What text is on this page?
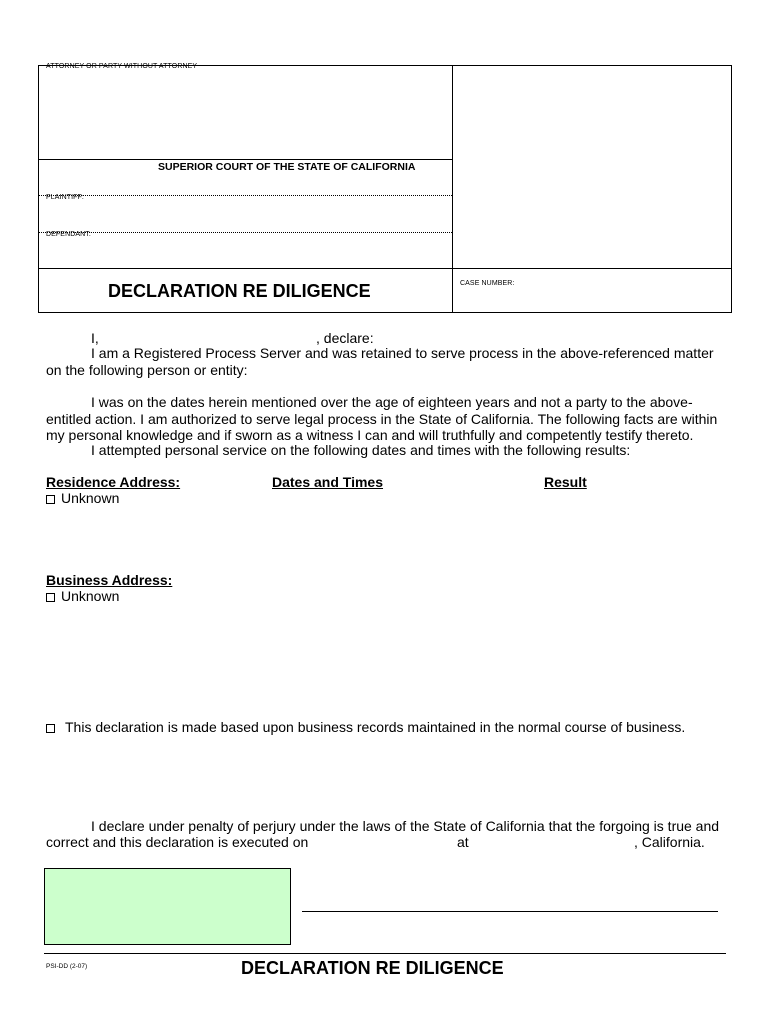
ATTORNEY OR PARTY WITHOUT ATTORNEY
SUPERIOR COURT OF THE STATE OF CALIFORNIA
PLAINTIFF:
DEFENDANT:
DECLARATION RE DILIGENCE	CASE NUMBER:
I,	, declare:
I am a Registered Process Server and was retained to serve process in the above-referenced matter on the following person or entity:
I was on the dates herein mentioned over the age of eighteen years and not a party to the above-entitled action. I am authorized to serve legal process in the State of California. The following facts are within my personal knowledge and if sworn as a witness I can and will truthfully and competently testify thereto.
I attempted personal service on the following dates and times with the following results:
Residence Address:	Dates and Times	Result
Unknown
Business Address:
Unknown
This declaration is made based upon business records maintained in the normal course of business.
I declare under penalty of perjury under the laws of the State of California that the forgoing is true and
correct and this declaration is executed on	at	, California.
PSI-DD (2-07)	DECLARATION RE DILIGENCE
